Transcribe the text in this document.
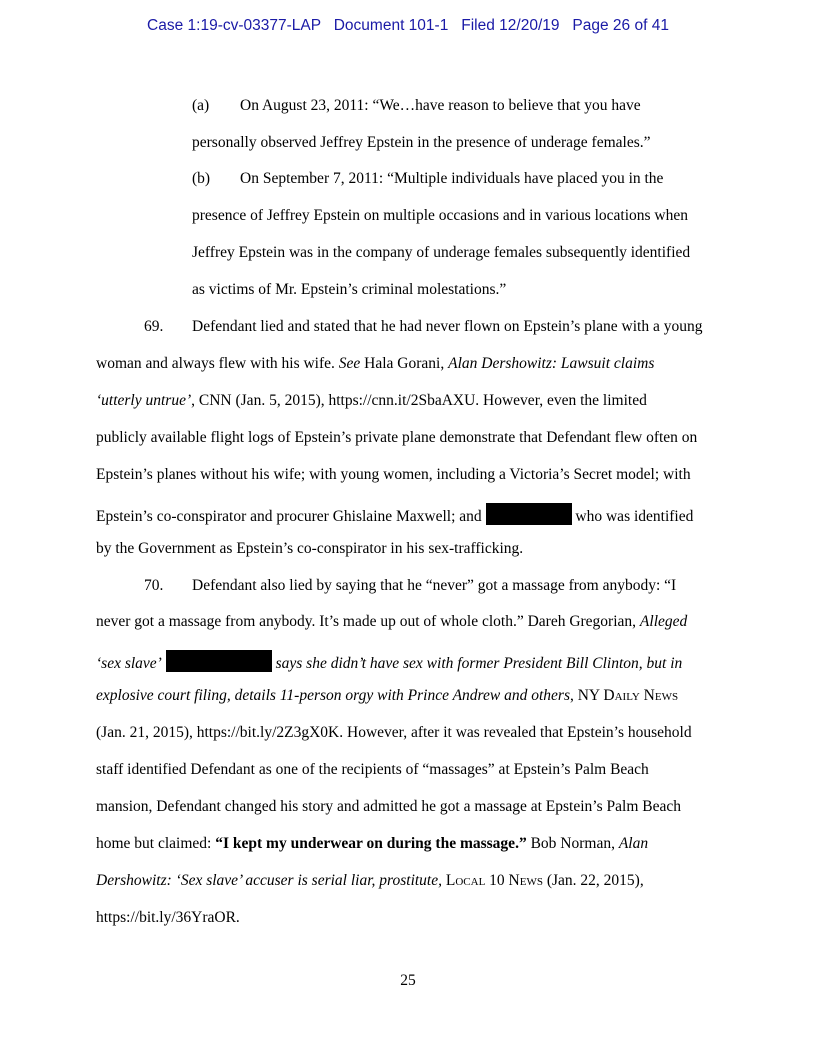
Case 1:19-cv-03377-LAP Document 101-1 Filed 12/20/19 Page 26 of 41
(a) On August 23, 2011: “We…have reason to believe that you have
personally observed Jeffrey Epstein in the presence of underage females.”
(b) On September 7, 2011: “Multiple individuals have placed you in the
presence of Jeffrey Epstein on multiple occasions and in various locations when
Jeffrey Epstein was in the company of underage females subsequently identified
as victims of Mr. Epstein’s criminal molestations.”
69. Defendant lied and stated that he had never flown on Epstein’s plane with a young
woman and always flew with his wife. See Hala Gorani, Alan Dershowitz: Lawsuit claims
‘utterly untrue’, CNN (Jan. 5, 2015), https://cnn.it/2SbaAXU. However, even the limited
publicly available flight logs of Epstein’s private plane demonstrate that Defendant flew often on
Epstein’s planes without his wife; with young women, including a Victoria’s Secret model; with
Epstein’s co-conspirator and procurer Ghislaine Maxwell; and	who was identified
by the Government as Epstein’s co-conspirator in his sex-trafficking.
70. Defendant also lied by saying that he “never” got a massage from anybody: “I
never got a massage from anybody. It’s made up out of whole cloth.” Dareh Gregorian, Alleged
‘sex slave’	says she didn’t have sex with former President Bill Clinton, but in
explosive court filing, details 11-person orgy with Prince Andrew and others, NY Daily News
(Jan. 21, 2015), https://bit.ly/2Z3gX0K. However, after it was revealed that Epstein’s household
staff identified Defendant as one of the recipients of “massages” at Epstein’s Palm Beach
mansion, Defendant changed his story and admitted he got a massage at Epstein’s Palm Beach
home but claimed: “I kept my underwear on during the massage.” Bob Norman, Alan
Dershowitz: ‘Sex slave’ accuser is serial liar, prostitute, Local 10 News (Jan. 22, 2015),
https://bit.ly/36YraOR.
25
